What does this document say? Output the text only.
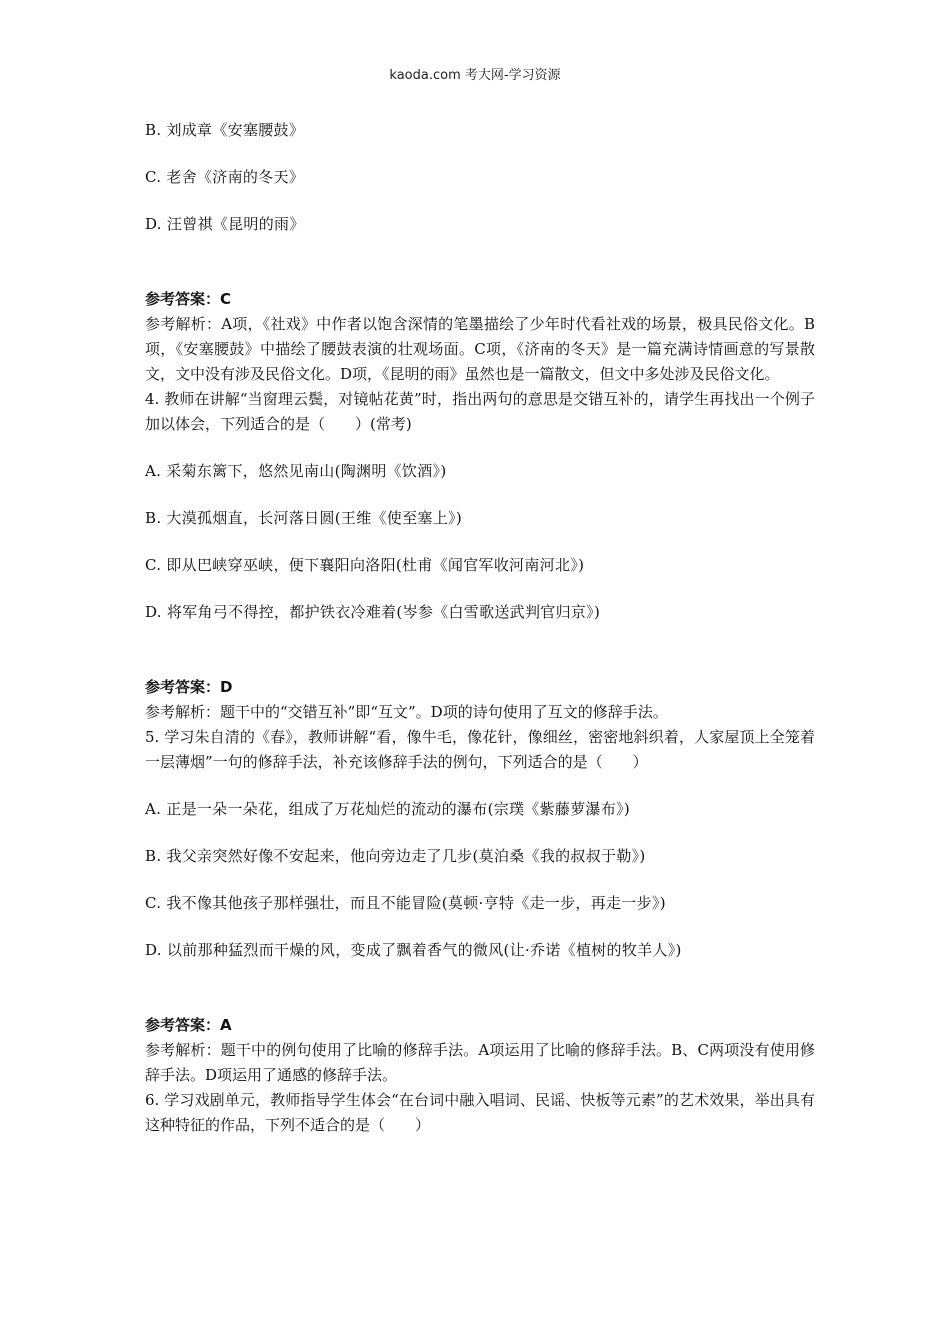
kaoda.com 考大网-学习资源

B. 刘成章《安塞腰鼓》

C. 老舍《济南的冬天》

D. 汪曾祺《昆明的雨》

参考答案：C

参考解析：A项，《社戏》中作者以饱含深情的笔墨描绘了少年时代看社戏的场景，极具民俗文化。B项，《安塞腰鼓》中描绘了腰鼓表演的壮观场面。C项，《济南的冬天》是一篇充满诗情画意的写景散文，文中没有涉及民俗文化。D项，《昆明的雨》虽然也是一篇散文，但文中多处涉及民俗文化。

4. 教师在讲解“当窗理云鬓，对镜帖花黄”时，指出两句的意思是交错互补的，请学生再找出一个例子加以体会，下列适合的是（　　）(常考)

A. 采菊东篱下，悠然见南山(陶渊明《饮酒》)

B. 大漠孤烟直，长河落日圆(王维《使至塞上》)

C. 即从巴峡穿巫峡，便下襄阳向洛阳(杜甫《闻官军收河南河北》)

D. 将军角弓不得控，都护铁衣冷难着(岑参《白雪歌送武判官归京》)

参考答案：D

参考解析：题干中的“交错互补”即“互文”。D项的诗句使用了互文的修辞手法。

5. 学习朱自清的《春》，教师讲解“看，像牛毛，像花针，像细丝，密密地斜织着，人家屋顶上全笼着一层薄烟”一句的修辞手法，补充该修辞手法的例句，下列适合的是（　　）

A. 正是一朵一朵花，组成了万花灿烂的流动的瀑布(宗璞《紫藤萝瀑布》)

B. 我父亲突然好像不安起来，他向旁边走了几步(莫泊桑《我的叔叔于勒》)

C. 我不像其他孩子那样强壮，而且不能冒险(莫顿·亨特《走一步，再走一步》)

D. 以前那种猛烈而干燥的风，变成了飘着香气的微风(让·乔诺《植树的牧羊人》)

参考答案：A

参考解析：题干中的例句使用了比喻的修辞手法。A项运用了比喻的修辞手法。B、C两项没有使用修辞手法。D项运用了通感的修辞手法。

6. 学习戏剧单元，教师指导学生体会“在台词中融入唱词、民谣、快板等元素”的艺术效果，举出具有这种特征的作品，下列不适合的是（　　）
